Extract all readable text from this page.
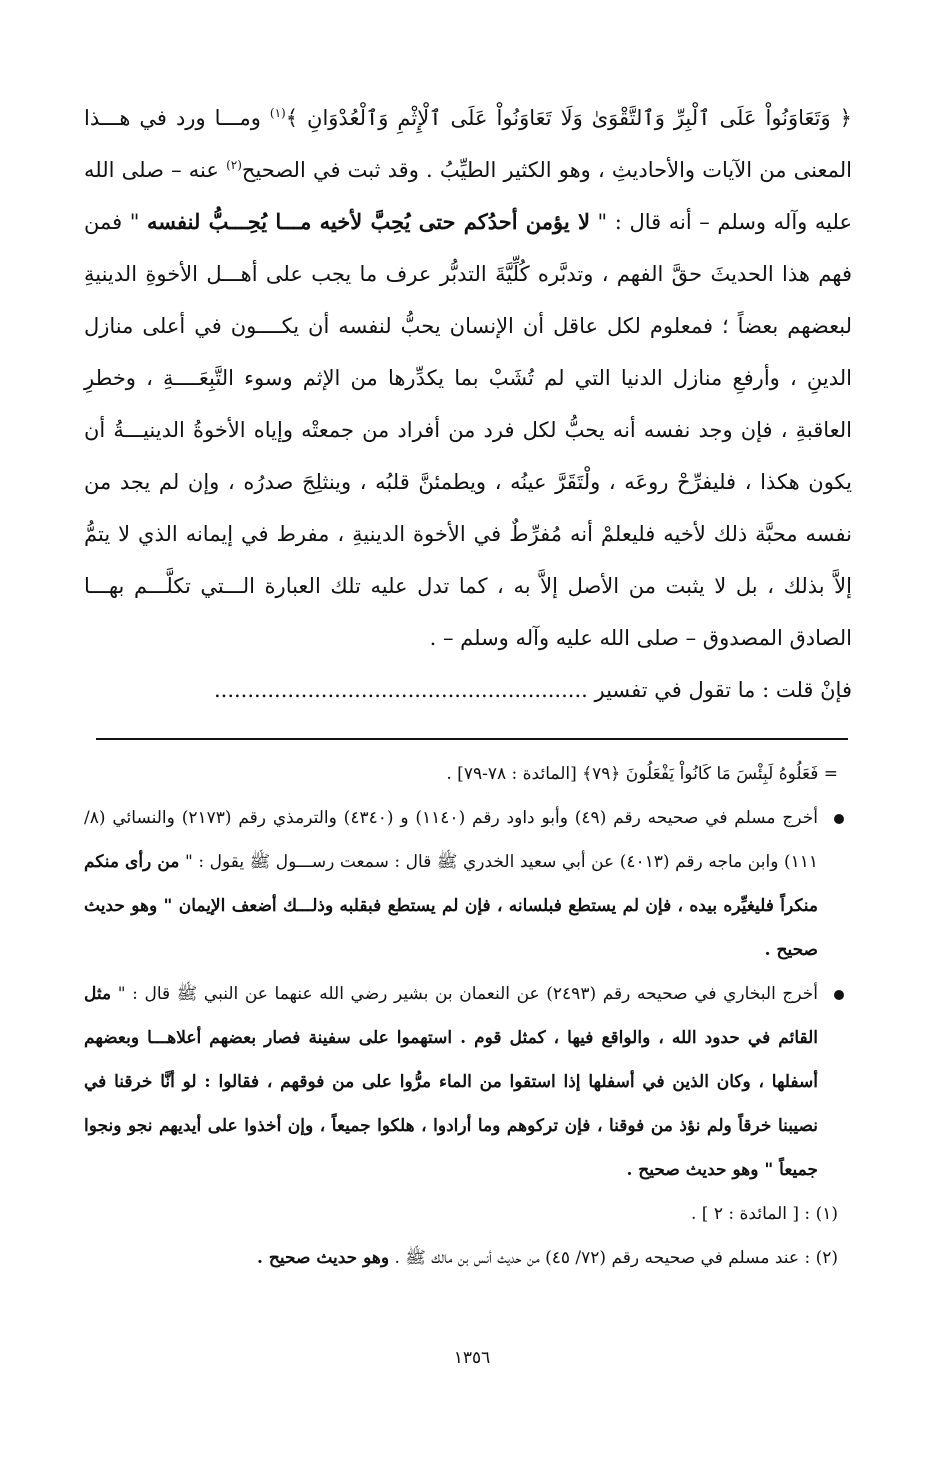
﴿ وَتَعَاوَنُواْ عَلَى ٱلْبِرِّ وَٱلتَّقْوَىٰ وَلَا تَعَاوَنُواْ عَلَى ٱلْإِثْمِ وَٱلْعُدْوَانِ ﴾$^{(١)}$ ومـــا ورد في هـــذا المعنى من الآيات والأحاديثِ ، وهو الكثير الطيِّبُ . وقد ثبت في الصحيح$^{(٢)}$ عنه – صلى الله عليه وآله وسلم – أنه قال : " لا يؤمن أحدُكم حتى يُحِبَّ لأخيه مـــا يُحِـــبُّ لنفسه " فمن فهم هذا الحديثَ حقَّ الفهم ، وتدبَّره كُلِّيَّةَ التدبُّر عرف ما يجب على أهـــل الأخوةِ الدينيةِ لبعضهم بعضاً ؛ فمعلوم لكل عاقل أن الإنسان يحبُّ لنفسه أن يكــــون في أعلى منازل الدينِ ، وأرفعِ منازل الدنيا التي لم تُشَبْ بما يكدِّرها من الإثم وسوء التَّبِعَــــةِ ، وخطرِ العاقبةِ ، فإن وجد نفسه أنه يحبُّ لكل فرد من أفراد من جمعتْه وإياه الأخوةُ الدينيـــةُ أن يكون هكذا ، فليفرِّحْ روعَه ، ولْتَقَرَّ عينُه ، ويطمئنَّ قلبُه ، وينثلِجَ صدرُه ، وإن لم يجد من نفسه محبَّة ذلك لأخيه فليعلمْ أنه مُفرِّطٌ في الأخوة الدينيةِ ، مفرط في إيمانه الذي لا يتمُّ إلاَّ بذلك ، بل لا يثبت من الأصل إلاَّ به ، كما تدل عليه تلك العبارة الـــتي تكلَّـــم بهـــا الصادق المصدوق – صلى الله عليه وآله وسلم – .

فإنْ قلت : ما تقول في تفسير ........................................................

= فَعَلُوهُ لَبِئْسَ مَا كَانُواْ يَفْعَلُونَ ﴿٧٩﴾ [المائدة : ٧٨-٧٩] .

أخرج مسلم في صحيحه رقم (٤٩) وأبو داود رقم (١١٤٠) و (٤٣٤٠) والترمذي رقم (٢١٧٣) والنسائي (٨/ ١١١) وابن ماجه رقم (٤٠١٣) عن أبي سعيد الخدري ﷺ قال : سمعت رســـول ﷺ يقول : " من رأى منكم منكراً فليغيِّره بيده ، فإن لم يستطع فبلسانه ، فإن لم يستطع فبقلبه وذلـــك أضعف الإيمان " وهو حديث صحيح .

أخرج البخاري في صحيحه رقم (٢٤٩٣) عن النعمان بن بشير رضي الله عنهما عن النبي ﷺ قال : " مثل القائم في حدود الله ، والواقع فيها ، كمثل قوم . استهموا على سفينة فصار بعضهم أعلاهـــا وبعضهم أسفلها ، وكان الذين في أسفلها إذا استقوا من الماء مرُّوا على من فوقهم ، فقالوا : لو أنَّا خرقنا في نصيبنا خرقاً ولم نؤذ من فوقنا ، فإن تركوهم وما أرادوا ، هلكوا جميعاً ، وإن أخذوا على أيديهم نجو ونجوا جميعاً " وهو حديث صحيح .

(١) : [ المائدة : ٢ ] .

(٢) : عند مسلم في صحيحه رقم (٧٢/ ٤٥) من حديث أنس بن مالك ﷺ . وهو حديث صحيح .

١٣٥٦
